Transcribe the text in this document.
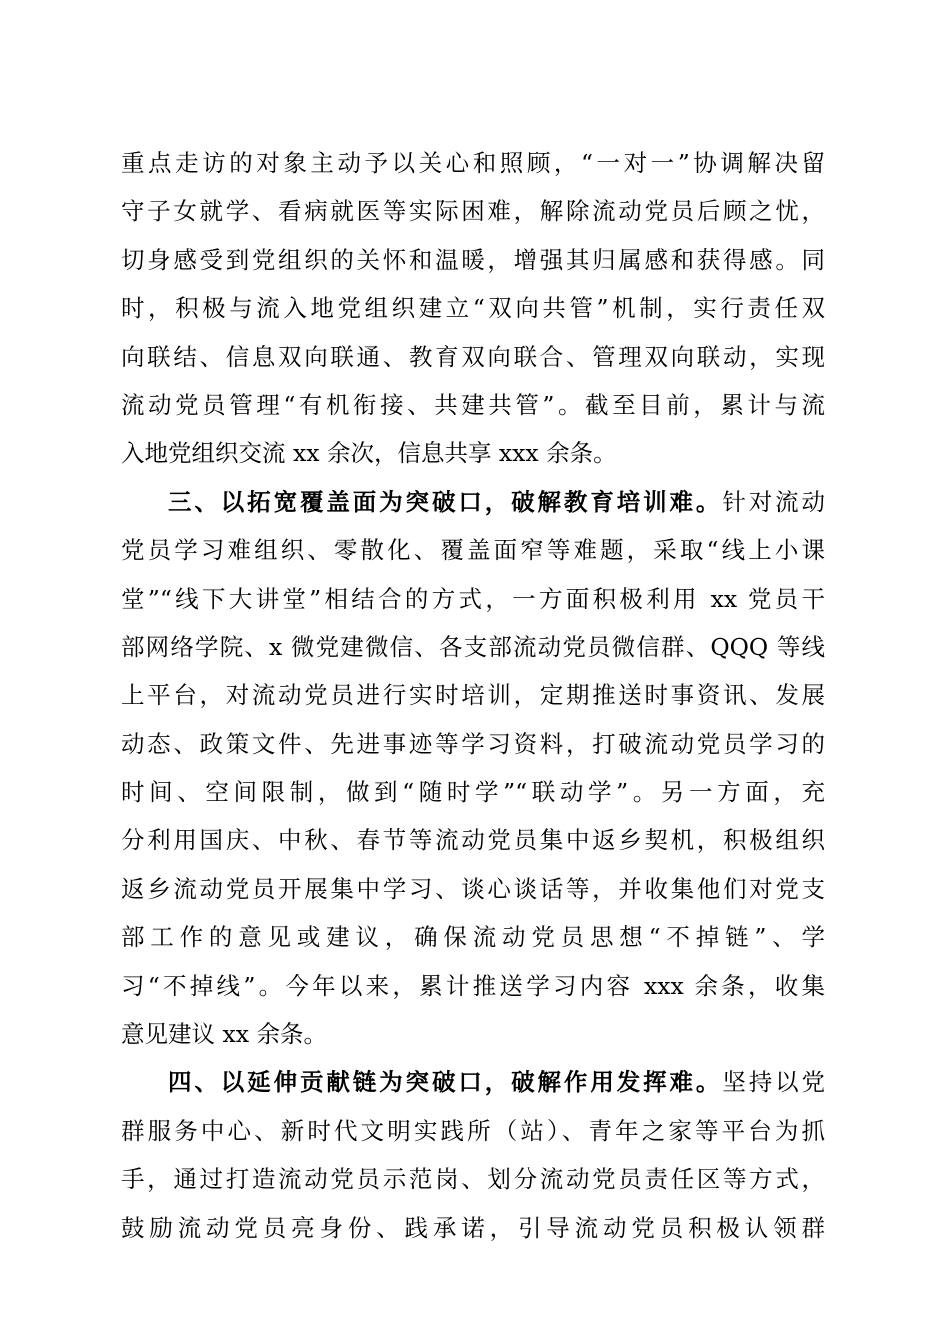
重点走访的对象主动予以关心和照顾，“一对一”协调解决留
守子女就学、看病就医等实际困难，解除流动党员后顾之忧，
切身感受到党组织的关怀和温暖，增强其归属感和获得感。同
时，积极与流入地党组织建立“双向共管”机制，实行责任双
向联结、信息双向联通、教育双向联合、管理双向联动，实现
流动党员管理“有机衔接、共建共管”。截至目前，累计与流
入地党组织交流 xx 余次，信息共享 xxx 余条。
三、以拓宽覆盖面为突破口，破解教育培训难。针对流动
党员学习难组织、零散化、覆盖面窄等难题，采取“线上小课
堂”“线下大讲堂”相结合的方式，一方面积极利用 xx 党员干
部网络学院、x 微党建微信、各支部流动党员微信群、QQQ 等线
上平台，对流动党员进行实时培训，定期推送时事资讯、发展
动态、政策文件、先进事迹等学习资料，打破流动党员学习的
时间、空间限制，做到“随时学”“联动学”。另一方面，充
分利用国庆、中秋、春节等流动党员集中返乡契机，积极组织
返乡流动党员开展集中学习、谈心谈话等，并收集他们对党支
部工作的意见或建议，确保流动党员思想“不掉链”、学
习“不掉线”。今年以来，累计推送学习内容 xxx 余条，收集
意见建议 xx 余条。
四、以延伸贡献链为突破口，破解作用发挥难。坚持以党
群服务中心、新时代文明实践所（站）、青年之家等平台为抓
手，通过打造流动党员示范岗、划分流动党员责任区等方式，
鼓励流动党员亮身份、践承诺，引导流动党员积极认领群
